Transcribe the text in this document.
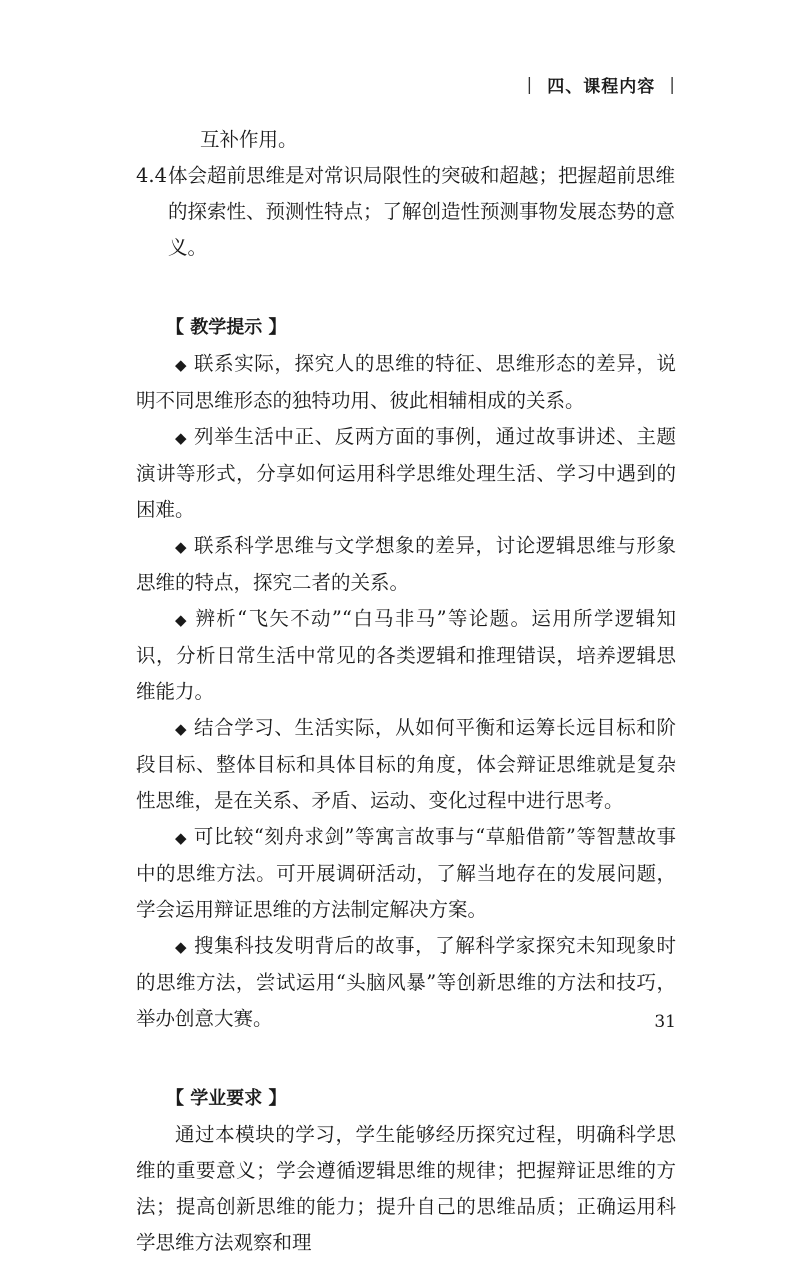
| 四、课程内容 |
互补作用。
4.4 体会超前思维是对常识局限性的突破和超越；把握超前思维的探索性、预测性特点；了解创造性预测事物发展态势的意义。
【 教学提示 】
◆ 联系实际，探究人的思维的特征、思维形态的差异，说明不同思维形态的独特功用、彼此相辅相成的关系。
◆ 列举生活中正、反两方面的事例，通过故事讲述、主题演讲等形式，分享如何运用科学思维处理生活、学习中遇到的困难。
◆ 联系科学思维与文学想象的差异，讨论逻辑思维与形象思维的特点，探究二者的关系。
◆ 辨析“飞矢不动”“白马非马”等论题。运用所学逻辑知识，分析日常生活中常见的各类逻辑和推理错误，培养逻辑思维能力。
◆ 结合学习、生活实际，从如何平衡和运筹长远目标和阶段目标、整体目标和具体目标的角度，体会辩证思维就是复杂性思维，是在关系、矛盾、运动、变化过程中进行思考。
◆ 可比较“刻舟求剑”等寓言故事与“草船借箭”等智慧故事中的思维方法。可开展调研活动，了解当地存在的发展问题，学会运用辩证思维的方法制定解决方案。
◆ 搜集科技发明背后的故事，了解科学家探究未知现象时的思维方法，尝试运用“头脑风暴”等创新思维的方法和技巧，举办创意大赛。
【 学业要求 】
通过本模块的学习，学生能够经历探究过程，明确科学思维的重要意义；学会遵循逻辑思维的规律；把握辩证思维的方法；提高创新思维的能力；提升自己的思维品质；正确运用科学思维方法观察和理
31
